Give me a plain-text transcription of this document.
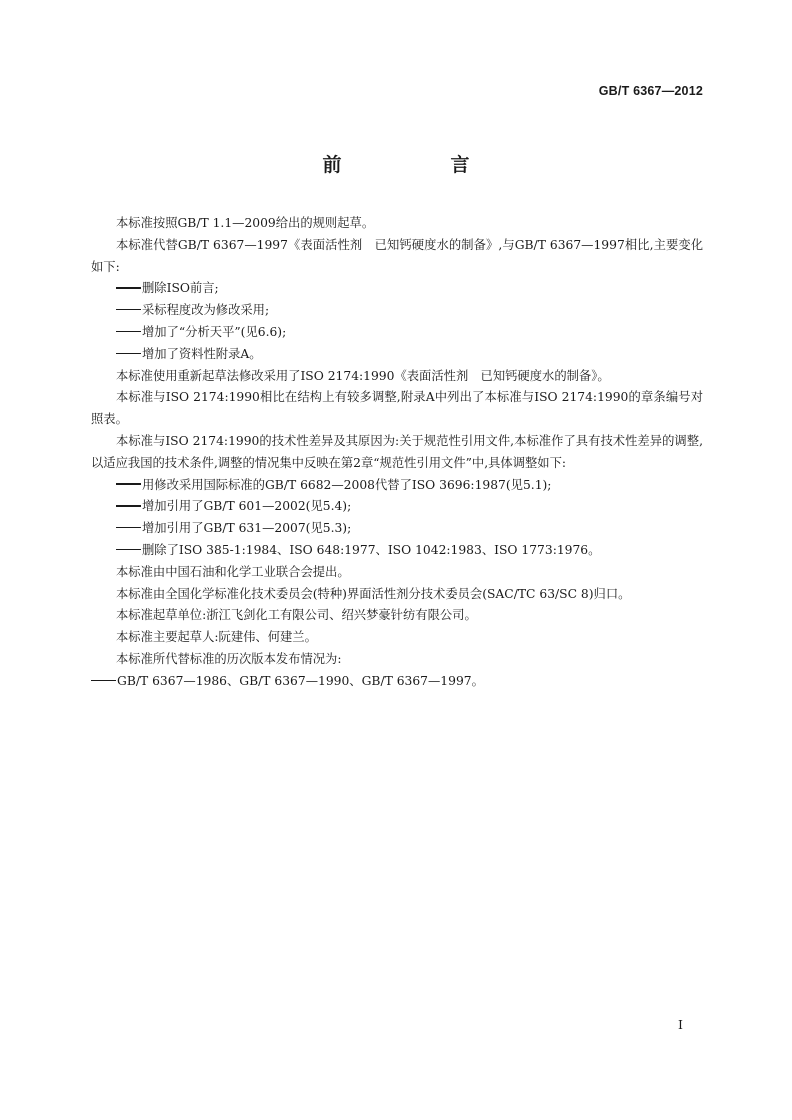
GB/T 6367—2012
前　言

本标准按照GB/T 1.1—2009给出的规则起草。

本标准代替GB/T 6367—1997《表面活性剂　已知钙硬度水的制备》,与GB/T 6367—1997相比,主要变化如下:

删除ISO前言;

采标程度改为修改采用;

增加了“分析天平”(见6.6);

增加了资料性附录A。

本标准使用重新起草法修改采用了ISO 2174:1990《表面活性剂　已知钙硬度水的制备》。

本标准与ISO 2174:1990相比在结构上有较多调整,附录A中列出了本标准与ISO 2174:1990的章条编号对照表。

本标准与ISO 2174:1990的技术性差异及其原因为:关于规范性引用文件,本标准作了具有技术性差异的调整,以适应我国的技术条件,调整的情况集中反映在第2章“规范性引用文件”中,具体调整如下:

用修改采用国际标准的GB/T 6682—2008代替了ISO 3696:1987(见5.1);

增加引用了GB/T 601—2002(见5.4);

增加引用了GB/T 631—2007(见5.3);

删除了ISO 385-1:1984、ISO 648:1977、ISO 1042:1983、ISO 1773:1976。

本标准由中国石油和化学工业联合会提出。

本标准由全国化学标准化技术委员会(特种)界面活性剂分技术委员会(SAC/TC 63/SC 8)归口。

本标准起草单位:浙江飞剑化工有限公司、绍兴梦豪针纺有限公司。

本标准主要起草人:阮建伟、何建兰。

本标准所代替标准的历次版本发布情况为:

GB/T 6367—1986、GB/T 6367—1990、GB/T 6367—1997。

I
